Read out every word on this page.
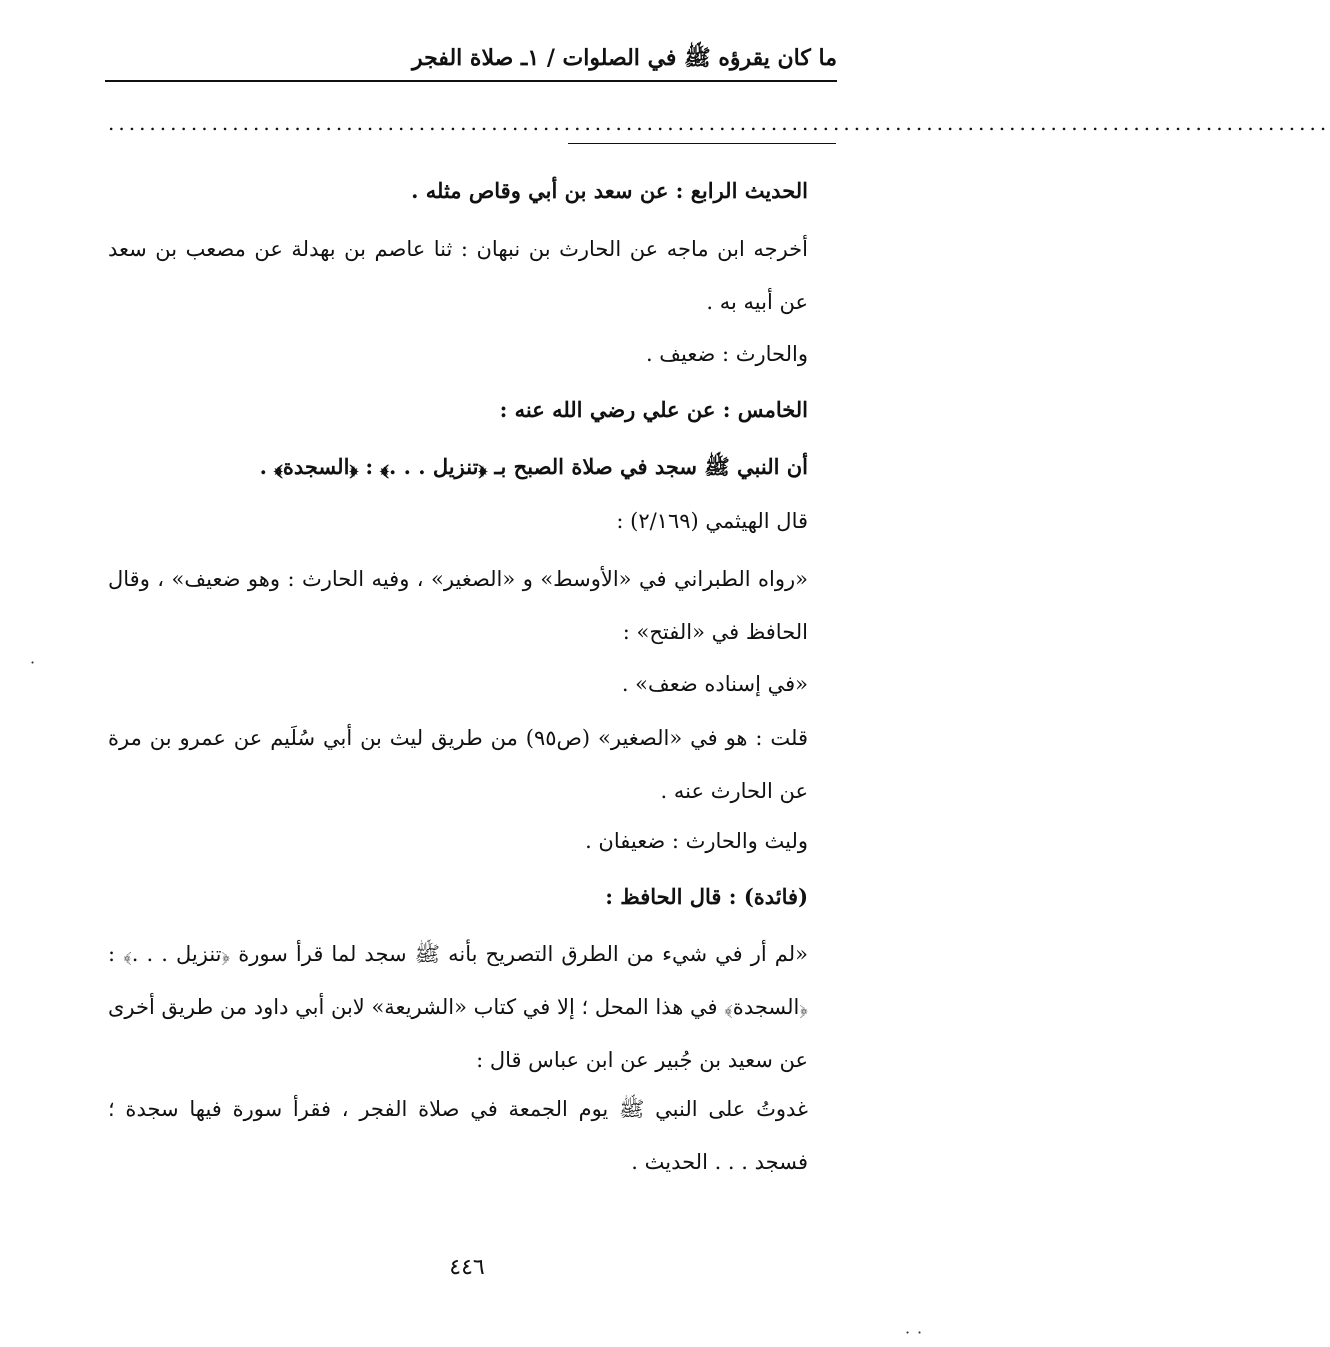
ما كان يقرؤه ﷺ في الصلوات / ١ـ صلاة الفجر
......................................................................................................................

الحديث الرابع : عن سعد بن أبي وقاص مثله .

أخرجه ابن ماجه عن الحارث بن نبهان : ثنا عاصم بن بهدلة عن مصعب بن سعد عن أبيه به .

والحارث : ضعيف .

الخامس : عن علي رضي الله عنه :

أن النبي ﷺ سجد في صلاة الصبح بـ ﴿تنزيل . . .﴾ : ﴿السجدة﴾ .

قال الهيثمي (٢/١٦٩) :

«رواه الطبراني في «الأوسط» و «الصغير» ، وفيه الحارث : وهو ضعيف» ، وقال الحافظ في «الفتح» :

«في إسناده ضعف» .

قلت : هو في «الصغير» (ص٩٥) من طريق ليث بن أبي سُلَيم عن عمرو بن مرة عن الحارث عنه .

وليث والحارث : ضعيفان .

(فائدة) : قال الحافظ :

«لم أر في شيء من الطرق التصريح بأنه ﷺ سجد لما قرأ سورة ﴿تنزيل . . .﴾ : ﴿السجدة﴾ في هذا المحل ؛ إلا في كتاب «الشريعة» لابن أبي داود من طريق أخرى عن سعيد بن جُبير عن ابن عباس قال :

غدوتُ على النبي ﷺ يوم الجمعة في صلاة الفجر ، فقرأ سورة فيها سجدة ؛ فسجد . . . الحديث .

٤٤٦
·
· ·
